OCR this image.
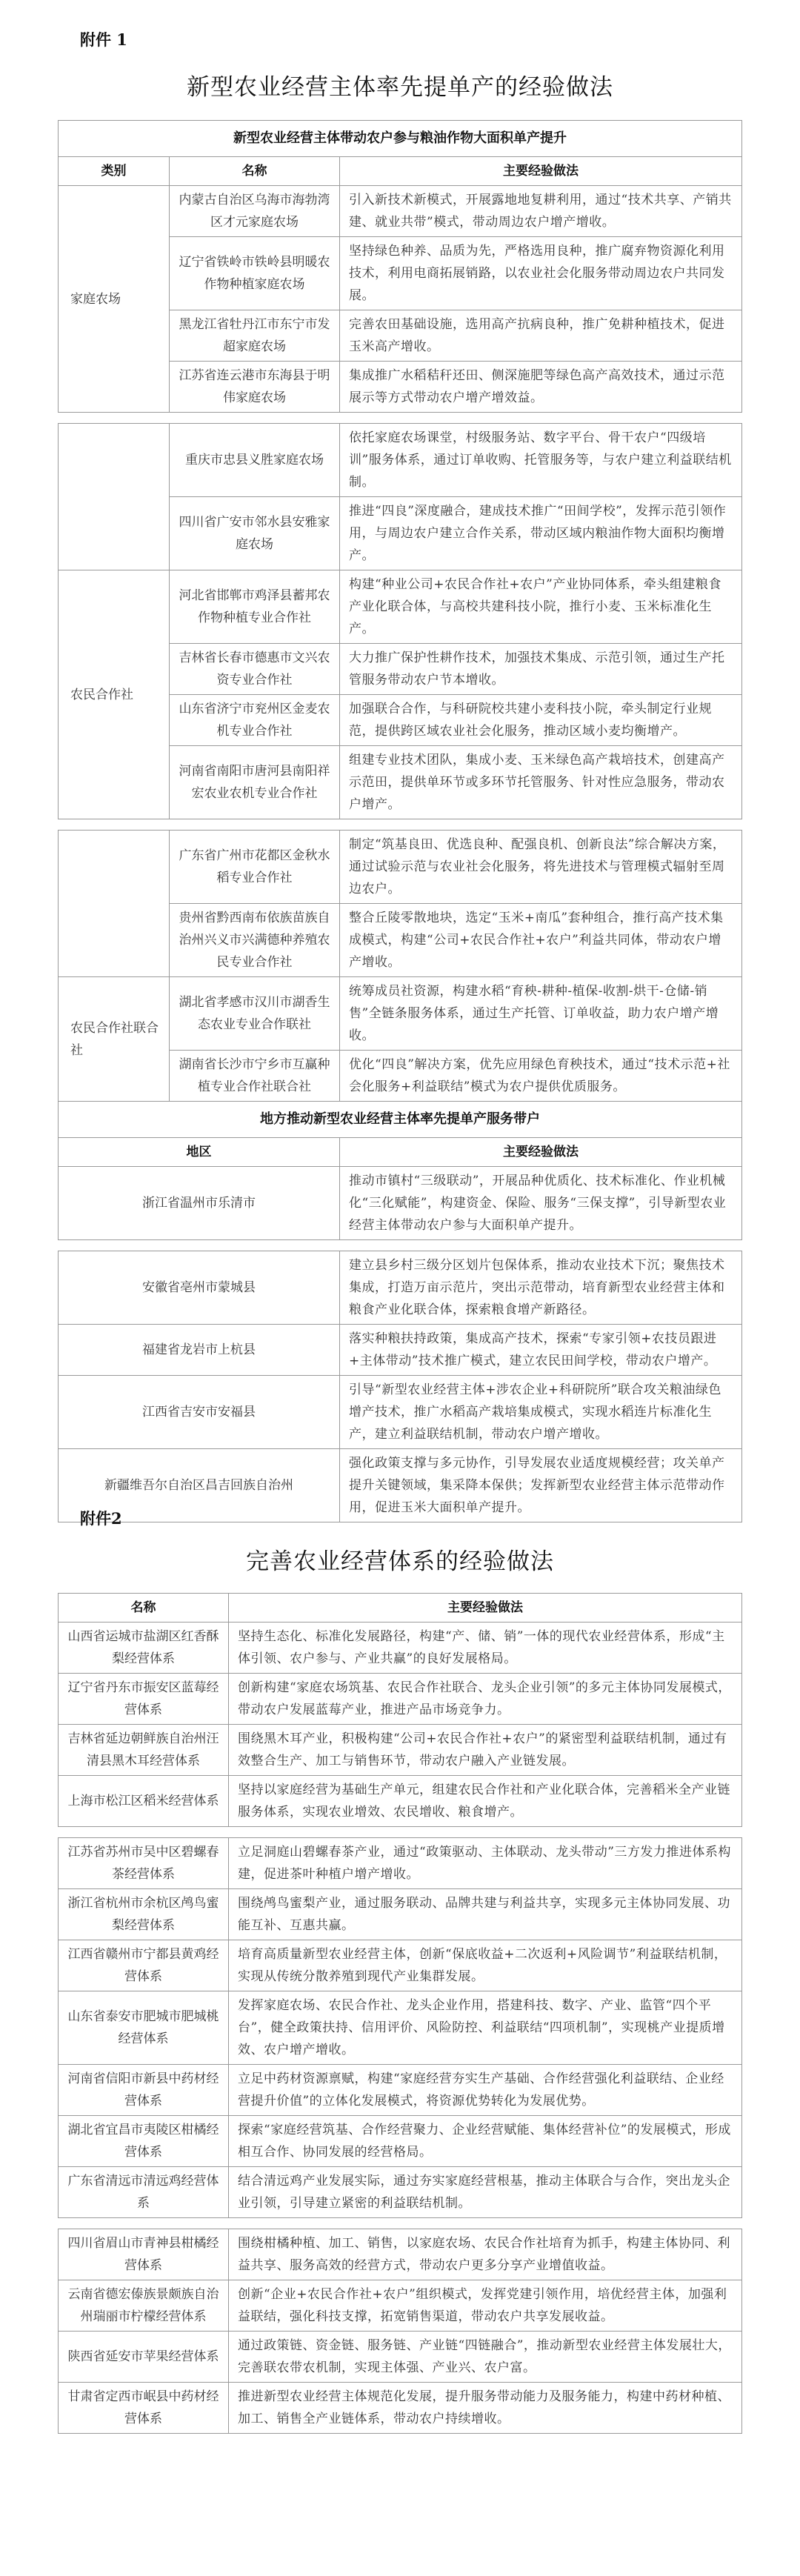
附件 1
新型农业经营主体率先提单产的经验做法
新型农业经营主体带动农户参与粮油作物大面积单产提升		
类别	名称	主要经验做法
家庭农场	内蒙古自治区乌海市海勃湾区才元家庭农场	引入新技术新模式，开展露地地复耕利用，通过“技术共享、产销共建、就业共带”模式，带动周边农户增产增收。
	辽宁省铁岭市铁岭县明暖农作物种植家庭农场	坚持绿色种养、品质为先，严格选用良种，推广腐弃物资源化利用技术，利用电商拓展销路，以农业社会化服务带动周边农户共同发展。
	黑龙江省牡丹江市东宁市发超家庭农场	完善农田基础设施，选用高产抗病良种，推广免耕种植技术，促进玉米高产增收。
	江苏省连云港市东海县于明伟家庭农场	集成推广水稻秸秆还田、侧深施肥等绿色高产高效技术，通过示范展示等方式带动农户增产增效益。

	重庆市忠县义胜家庭农场	依托家庭农场课堂，村级服务站、数字平台、骨干农户“四级培训”服务体系，通过订单收购、托管服务等，与农户建立利益联结机制。
	四川省广安市邻水县安雅家庭农场	推进“四良”深度融合，建成技术推广“田间学校”，发挥示范引领作用，与周边农户建立合作关系，带动区域内粮油作物大面积均衡增产。
农民合作社	河北省邯郸市鸡泽县蓄邦农作物种植专业合作社	构建“种业公司+农民合作社+农户”产业协同体系，牵头组建粮食产业化联合体，与高校共建科技小院，推行小麦、玉米标准化生产。
	吉林省长春市德惠市文兴农资专业合作社	大力推广保护性耕作技术，加强技术集成、示范引领，通过生产托管服务带动农户节本增收。
	山东省济宁市兖州区金麦农机专业合作社	加强联合合作，与科研院校共建小麦科技小院，牵头制定行业规范，提供跨区域农业社会化服务，推动区域小麦均衡增产。
	河南省南阳市唐河县南阳祥宏农业农机专业合作社	组建专业技术团队，集成小麦、玉米绿色高产栽培技术，创建高产示范田，提供单环节或多环节托管服务、针对性应急服务，带动农户增产。

	广东省广州市花都区金秋水稻专业合作社	制定“筑基良田、优选良种、配强良机、创新良法”综合解决方案，通过试验示范与农业社会化服务，将先进技术与管理模式辐射至周边农户。
	贵州省黔西南布依族苗族自治州兴义市兴满德种养殖农民专业合作社	整合丘陵零散地块，选定“玉米+南瓜”套种组合，推行高产技术集成模式，构建“公司+农民合作社+农户”利益共同体，带动农户增产增收。
农民合作社联合社	湖北省孝感市汉川市湖香生态农业专业合作联社	统筹成员社资源，构建水稻“育秧-耕种-植保-收割-烘干-仓储-销售”全链条服务体系，通过生产托管、订单收益，助力农户增产增收。
	湖南省长沙市宁乡市互赢种植专业合作社联合社	优化“四良”解决方案，优先应用绿色育秧技术，通过“技术示范+社会化服务+利益联结”模式为农户提供优质服务。
地方推动新型农业经营主体率先提单产服务带户		
地区		主要经验做法
浙江省温州市乐清市		推动市镇村“三级联动”，开展品种优质化、技术标准化、作业机械化“三化赋能”，构建资金、保险、服务“三保支撑”，引导新型农业经营主体带动农户参与大面积单产提升。

安徽省亳州市蒙城县		建立县乡村三级分区划片包保体系，推动农业技术下沉；聚焦技术集成，打造万亩示范片，突出示范带动，培育新型农业经营主体和粮食产业化联合体，探索粮食增产新路径。
福建省龙岩市上杭县		落实种粮扶持政策，集成高产技术，探索“专家引领+农技员跟进+主体带动”技术推广模式，建立农民田间学校，带动农户增产。
江西省吉安市安福县		引导“新型农业经营主体+涉农企业+科研院所”联合攻关粮油绿色增产技术，推广水稻高产栽培集成模式，实现水稻连片标准化生产，建立利益联结机制，带动农户增产增收。
新疆维吾尔自治区昌吉回族自治州		强化政策支撑与多元协作，引导发展农业适度规模经营；攻关单产提升关键领域，集采降本保供；发挥新型农业经营主体示范带动作用，促进玉米大面积单产提升。
附件2
完善农业经营体系的经验做法
名称	主要经验做法
山西省运城市盐湖区红香酥梨经营体系	坚持生态化、标准化发展路径，构建“产、储、销”一体的现代农业经营体系，形成“主体引领、农户参与、产业共赢”的良好发展格局。
辽宁省丹东市振安区蓝莓经营体系	创新构建“家庭农场筑基、农民合作社联合、龙头企业引领”的多元主体协同发展模式，带动农户发展蓝莓产业，推进产品市场竞争力。
吉林省延边朝鲜族自治州汪清县黑木耳经营体系	围绕黑木耳产业，积极构建“公司+农民合作社+农户”的紧密型利益联结机制，通过有效整合生产、加工与销售环节，带动农户融入产业链发展。
上海市松江区稻米经营体系	坚持以家庭经营为基础生产单元，组建农民合作社和产业化联合体，完善稻米全产业链服务体系，实现农业增效、农民增收、粮食增产。

江苏省苏州市吴中区碧螺春茶经营体系	立足洞庭山碧螺春茶产业，通过“政策驱动、主体联动、龙头带动”三方发力推进体系构建，促进茶叶种植户增产增收。
浙江省杭州市余杭区鸬鸟蜜梨经营体系	围绕鸬鸟蜜梨产业，通过服务联动、品牌共建与利益共享，实现多元主体协同发展、功能互补、互惠共赢。
江西省赣州市宁都县黄鸡经营体系	培育高质量新型农业经营主体，创新“保底收益+二次返利+风险调节”利益联结机制，实现从传统分散养殖到现代产业集群发展。
山东省泰安市肥城市肥城桃经营体系	发挥家庭农场、农民合作社、龙头企业作用，搭建科技、数字、产业、监管“四个平台”，健全政策扶持、信用评价、风险防控、利益联结“四项机制”，实现桃产业提质增效、农户增产增收。
河南省信阳市新县中药材经营体系	立足中药材资源禀赋，构建“家庭经营夯实生产基础、合作经营强化利益联结、企业经营提升价值”的立体化发展模式，将资源优势转化为发展优势。
湖北省宜昌市夷陵区柑橘经营体系	探索“家庭经营筑基、合作经营聚力、企业经营赋能、集体经营补位”的发展模式，形成相互合作、协同发展的经营格局。
广东省清远市清远鸡经营体系	结合清远鸡产业发展实际，通过夯实家庭经营根基，推动主体联合与合作，突出龙头企业引领，引导建立紧密的利益联结机制。

四川省眉山市青神县柑橘经营体系	围绕柑橘种植、加工、销售，以家庭农场、农民合作社培育为抓手，构建主体协同、利益共享、服务高效的经营方式，带动农户更多分享产业增值收益。
云南省德宏傣族景颇族自治州瑞丽市柠檬经营体系	创新“企业+农民合作社+农户”组织模式，发挥党建引领作用，培优经营主体，加强利益联结，强化科技支撑，拓宽销售渠道，带动农户共享发展收益。
陕西省延安市苹果经营体系	通过政策链、资金链、服务链、产业链“四链融合”，推动新型农业经营主体发展壮大，完善联农带农机制，实现主体强、产业兴、农户富。
甘肃省定西市岷县中药材经营体系	推进新型农业经营主体规范化发展，提升服务带动能力及服务能力，构建中药材种植、加工、销售全产业链体系，带动农户持续增收。
